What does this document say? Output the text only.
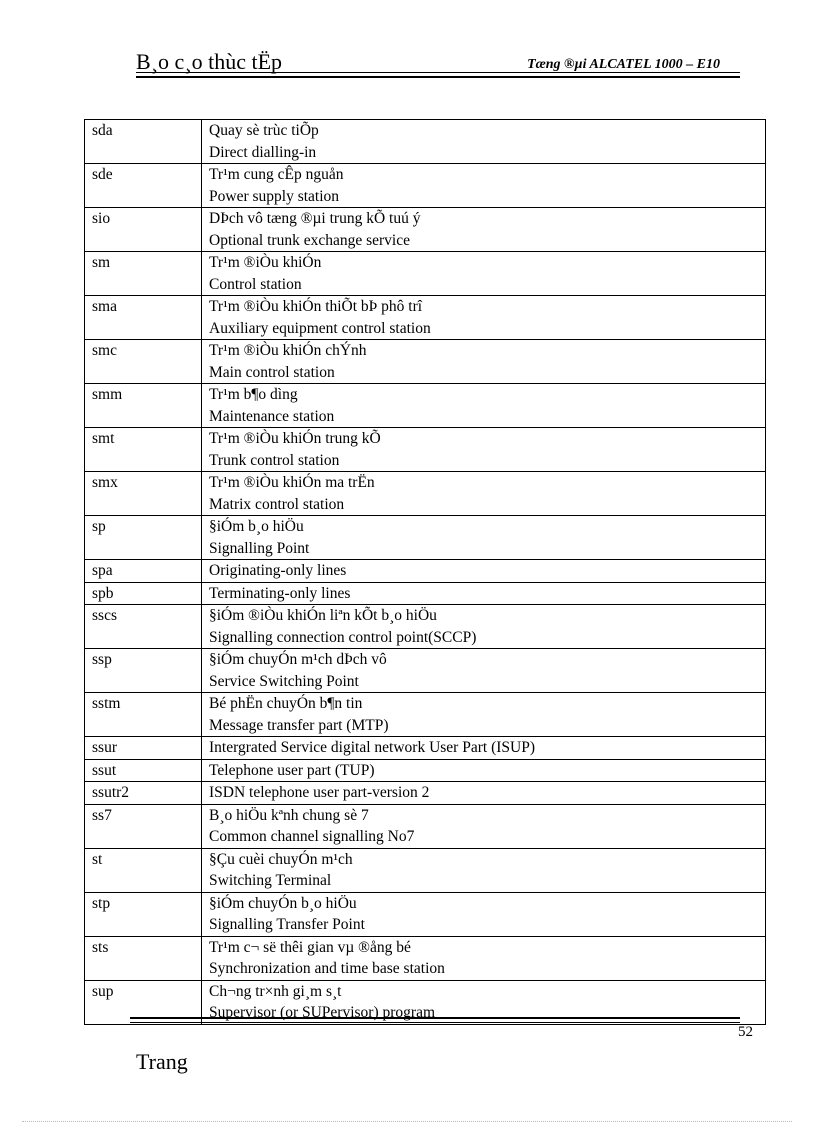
B¸o c¸o thùc tËp	Tæng ®µi ALCATEL 1000 – E10
sda	Quay sè trùc tiÕp
Direct dialling-in

sde	Tr¹m cung cÊp nguån
Power supply station

sio	DÞch vô tæng ®µi trung kÕ tuú ý
Optional trunk exchange service

sm	Tr¹m ®iÒu khiÓn
Control station

sma	Tr¹m ®iÒu khiÓn thiÕt bÞ phô trî
Auxiliary equipment control station

smc	Tr¹m ®iÒu khiÓn chÝnh
Main control station

smm	Tr¹m b¶o dìng
Maintenance station

smt	Tr¹m ®iÒu khiÓn trung kÕ
Trunk control station

smx	Tr¹m ®iÒu khiÓn ma trËn
Matrix control station

sp	§iÓm b¸o hiÖu
Signalling Point

spa	Originating-only lines

spb	Terminating-only lines

sscs	§iÓm ®iÒu khiÓn liªn kÕt b¸o hiÖu
Signalling connection control point(SCCP)

ssp	§iÓm chuyÓn m¹ch dÞch vô
Service Switching Point

sstm	Bé phËn chuyÓn b¶n tin
Message transfer part (MTP)

ssur	Intergrated Service digital network User Part (ISUP)

ssut	Telephone user part (TUP)

ssutr2	ISDN telephone user part-version 2

ss7	B¸o hiÖu kªnh chung sè 7
Common channel signalling No7

st	§Çu cuèi chuyÓn m¹ch
Switching Terminal

stp	§iÓm chuyÓn b¸o hiÖu
Signalling Transfer Point

sts	Tr¹m c¬ së thêi gian vµ ®ång bé
Synchronization and time base station

sup	Ch¬ng tr×nh gi¸m s¸t
Supervisor (or SUPervisor) program
52
Trang
